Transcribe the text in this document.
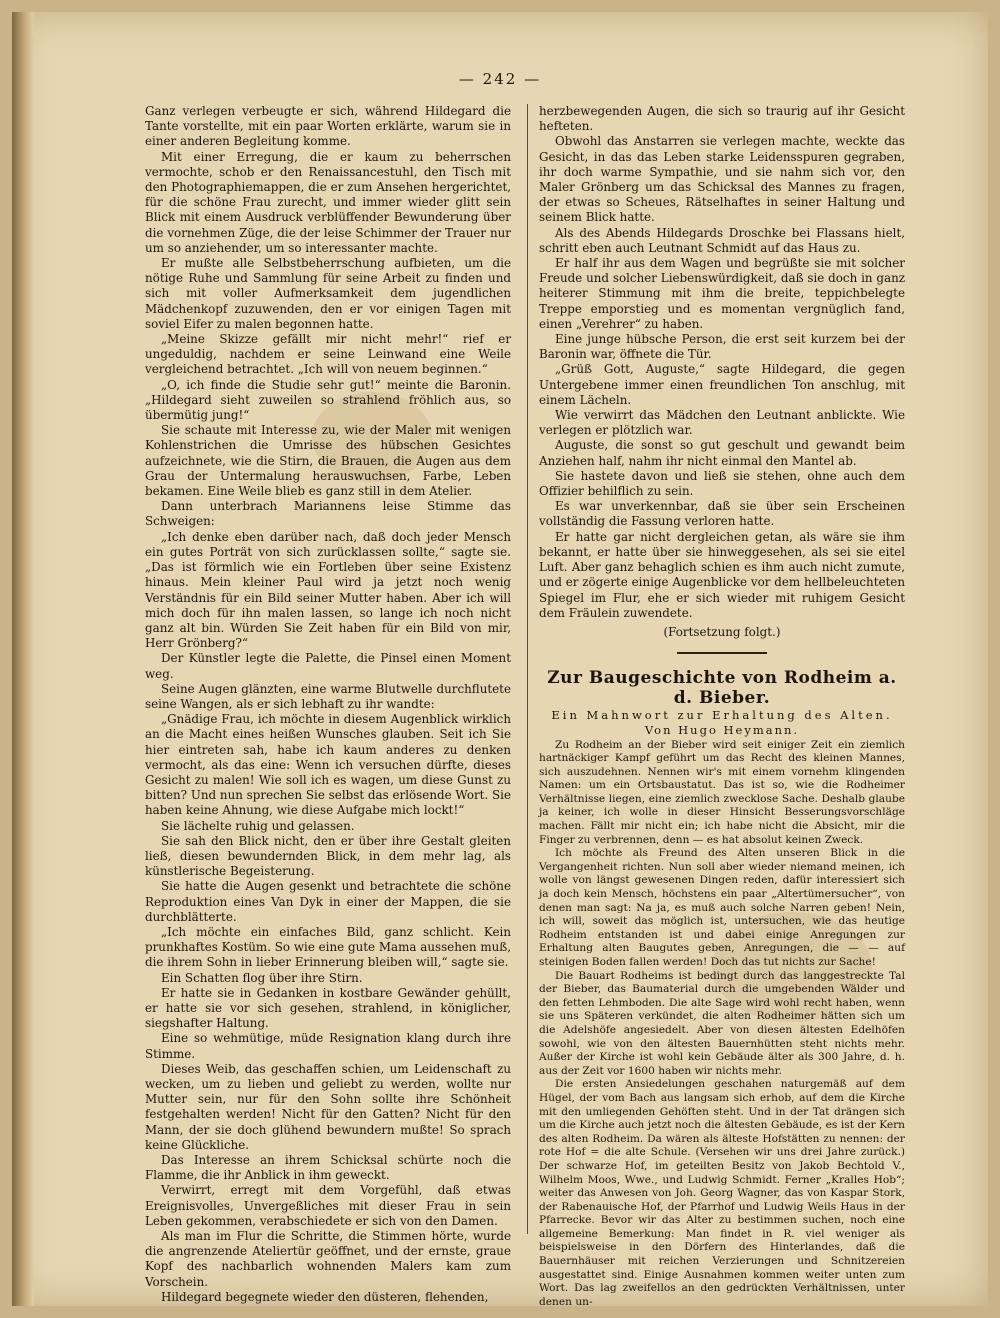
— 242 —

Ganz verlegen verbeugte er sich, während Hildegard die Tante vorstellte, mit ein paar Worten erklärte, warum sie in einer anderen Begleitung komme.

Mit einer Erregung, die er kaum zu beherrschen vermochte, schob er den Renaissancestuhl, den Tisch mit den Photographiemappen, die er zum Ansehen hergerichtet, für die schöne Frau zurecht, und immer wieder glitt sein Blick mit einem Ausdruck verblüffender Bewunderung über die vornehmen Züge, die der leise Schimmer der Trauer nur um so anziehender, um so interessanter machte.

Er mußte alle Selbstbeherrschung aufbieten, um die nötige Ruhe und Sammlung für seine Arbeit zu finden und sich mit voller Aufmerksamkeit dem jugendlichen Mädchenkopf zuzuwenden, den er vor einigen Tagen mit soviel Eifer zu malen begonnen hatte.

„Meine Skizze gefällt mir nicht mehr!“ rief er ungeduldig, nachdem er seine Leinwand eine Weile vergleichend betrachtet. „Ich will von neuem beginnen.“

„O, ich finde die Studie sehr gut!“ meinte die Baronin. „Hildegard sieht zuweilen so strahlend fröhlich aus, so übermütig jung!“

Sie schaute mit Interesse zu, wie der Maler mit wenigen Kohlenstrichen die Umrisse des hübschen Gesichtes aufzeichnete, wie die Stirn, die Brauen, die Augen aus dem Grau der Untermalung herauswuchsen, Farbe, Leben bekamen. Eine Weile blieb es ganz still in dem Atelier.

Dann unterbrach Mariannens leise Stimme das Schweigen:

„Ich denke eben darüber nach, daß doch jeder Mensch ein gutes Porträt von sich zurücklassen sollte,“ sagte sie. „Das ist förmlich wie ein Fortleben über seine Existenz hinaus. Mein kleiner Paul wird ja jetzt noch wenig Verständnis für ein Bild seiner Mutter haben. Aber ich will mich doch für ihn malen lassen, so lange ich noch nicht ganz alt bin. Würden Sie Zeit haben für ein Bild von mir, Herr Grönberg?“

Der Künstler legte die Palette, die Pinsel einen Moment weg.

Seine Augen glänzten, eine warme Blutwelle durchflutete seine Wangen, als er sich lebhaft zu ihr wandte:

„Gnädige Frau, ich möchte in diesem Augenblick wirklich an die Macht eines heißen Wunsches glauben. Seit ich Sie hier eintreten sah, habe ich kaum anderes zu denken vermocht, als das eine: Wenn ich versuchen dürfte, dieses Gesicht zu malen! Wie soll ich es wagen, um diese Gunst zu bitten? Und nun sprechen Sie selbst das erlösende Wort. Sie haben keine Ahnung, wie diese Aufgabe mich lockt!“

Sie lächelte ruhig und gelassen.

Sie sah den Blick nicht, den er über ihre Gestalt gleiten ließ, diesen bewundernden Blick, in dem mehr lag, als künstlerische Begeisterung.

Sie hatte die Augen gesenkt und betrachtete die schöne Reproduktion eines Van Dyk in einer der Mappen, die sie durchblätterte.

„Ich möchte ein einfaches Bild, ganz schlicht. Kein prunkhaftes Kostüm. So wie eine gute Mama aussehen muß, die ihrem Sohn in lieber Erinnerung bleiben will,“ sagte sie.

Ein Schatten flog über ihre Stirn.

Er hatte sie in Gedanken in kostbare Gewänder gehüllt, er hatte sie vor sich gesehen, strahlend, in königlicher, siegshafter Haltung.

Eine so wehmütige, müde Resignation klang durch ihre Stimme.

Dieses Weib, das geschaffen schien, um Leidenschaft zu wecken, um zu lieben und geliebt zu werden, wollte nur Mutter sein, nur für den Sohn sollte ihre Schönheit festgehalten werden! Nicht für den Gatten? Nicht für den Mann, der sie doch glühend bewundern mußte! So sprach keine Glückliche.

Das Interesse an ihrem Schicksal schürte noch die Flamme, die ihr Anblick in ihm geweckt.

Verwirrt, erregt mit dem Vorgefühl, daß etwas Ereignisvolles, Unvergeßliches mit dieser Frau in sein Leben gekommen, verabschiedete er sich von den Damen.

Als man im Flur die Schritte, die Stimmen hörte, wurde die angrenzende Ateliertür geöffnet, und der ernste, graue Kopf des nachbarlich wohnenden Malers kam zum Vorschein.

Hildegard begegnete wieder den düsteren, flehenden,

herzbewegenden Augen, die sich so traurig auf ihr Gesicht hefteten.

Obwohl das Anstarren sie verlegen machte, weckte das Gesicht, in das das Leben starke Leidensspuren gegraben, ihr doch warme Sympathie, und sie nahm sich vor, den Maler Grönberg um das Schicksal des Mannes zu fragen, der etwas so Scheues, Rätselhaftes in seiner Haltung und seinem Blick hatte.

Als des Abends Hildegards Droschke bei Flassans hielt, schritt eben auch Leutnant Schmidt auf das Haus zu.

Er half ihr aus dem Wagen und begrüßte sie mit solcher Freude und solcher Liebenswürdigkeit, daß sie doch in ganz heiterer Stimmung mit ihm die breite, teppichbelegte Treppe emporstieg und es momentan vergnüglich fand, einen „Verehrer“ zu haben.

Eine junge hübsche Person, die erst seit kurzem bei der Baronin war, öffnete die Tür.

„Grüß Gott, Auguste,“ sagte Hildegard, die gegen Untergebene immer einen freundlichen Ton anschlug, mit einem Lächeln.

Wie verwirrt das Mädchen den Leutnant anblickte. Wie verlegen er plötzlich war.

Auguste, die sonst so gut geschult und gewandt beim Anziehen half, nahm ihr nicht einmal den Mantel ab.

Sie hastete davon und ließ sie stehen, ohne auch dem Offizier behilflich zu sein.

Es war unverkennbar, daß sie über sein Erscheinen vollständig die Fassung verloren hatte.

Er hatte gar nicht dergleichen getan, als wäre sie ihm bekannt, er hatte über sie hinweggesehen, als sei sie eitel Luft. Aber ganz behaglich schien es ihm auch nicht zumute, und er zögerte einige Augenblicke vor dem hellbeleuchteten Spiegel im Flur, ehe er sich wieder mit ruhigem Gesicht dem Fräulein zuwendete.

(Fortsetzung folgt.)

Zur Baugeschichte von Rodheim a. d. Bieber.

Ein Mahnwort zur Erhaltung des Alten.

Von Hugo Heymann.

Zu Rodheim an der Bieber wird seit einiger Zeit ein ziemlich hartnäckiger Kampf geführt um das Recht des kleinen Mannes, sich auszudehnen. Nennen wir's mit einem vornehm klingenden Namen: um ein Ortsbaustatut. Das ist so, wie die Rodheimer Verhältnisse liegen, eine ziemlich zwecklose Sache. Deshalb glaube ja keiner, ich wolle in dieser Hinsicht Besserungsvorschläge machen. Fällt mir nicht ein; ich habe nicht die Absicht, mir die Finger zu verbrennen, denn — es hat absolut keinen Zweck.

Ich möchte als Freund des Alten unseren Blick in die Vergangenheit richten. Nun soll aber wieder niemand meinen, ich wolle von längst gewesenen Dingen reden, dafür interessiert sich ja doch kein Mensch, höchstens ein paar „Altertümersucher“, von denen man sagt: Na ja, es muß auch solche Narren geben! Nein, ich will, soweit das möglich ist, untersuchen, wie das heutige Rodheim entstanden ist und dabei einige Anregungen zur Erhaltung alten Baugutes geben, Anregungen, die — — auf steinigen Boden fallen werden! Doch das tut nichts zur Sache!

Die Bauart Rodheims ist bedingt durch das langgestreckte Tal der Bieber, das Baumaterial durch die umgebenden Wälder und den fetten Lehmboden. Die alte Sage wird wohl recht haben, wenn sie uns Späteren verkündet, die alten Rodheimer hätten sich um die Adelshöfe angesiedelt. Aber von diesen ältesten Edelhöfen sowohl, wie von den ältesten Bauernhütten steht nichts mehr. Außer der Kirche ist wohl kein Gebäude älter als 300 Jahre, d. h. aus der Zeit vor 1600 haben wir nichts mehr.

Die ersten Ansiedelungen geschahen naturgemäß auf dem Hügel, der vom Bach aus langsam sich erhob, auf dem die Kirche mit den umliegenden Gehöften steht. Und in der Tat drängen sich um die Kirche auch jetzt noch die ältesten Gebäude, es ist der Kern des alten Rodheim. Da wären als älteste Hofstätten zu nennen: der rote Hof = die alte Schule. (Versehen wir uns drei Jahre zurück.) Der schwarze Hof, im geteilten Besitz von Jakob Bechtold V., Wilhelm Moos, Wwe., und Ludwig Schmidt. Ferner „Kralles Hob“; weiter das Anwesen von Joh. Georg Wagner, das von Kaspar Stork, der Rabenauische Hof, der Pfarrhof und Ludwig Weils Haus in der Pfarrecke. Bevor wir das Alter zu bestimmen suchen, noch eine allgemeine Bemerkung: Man findet in R. viel weniger als beispielsweise in den Dörfern des Hinterlandes, daß die Bauernhäuser mit reichen Verzierungen und Schnitzereien ausgestattet sind. Einige Ausnahmen kommen weiter unten zum Wort. Das lag zweifellos an den gedrückten Verhältnissen, unter denen un-
